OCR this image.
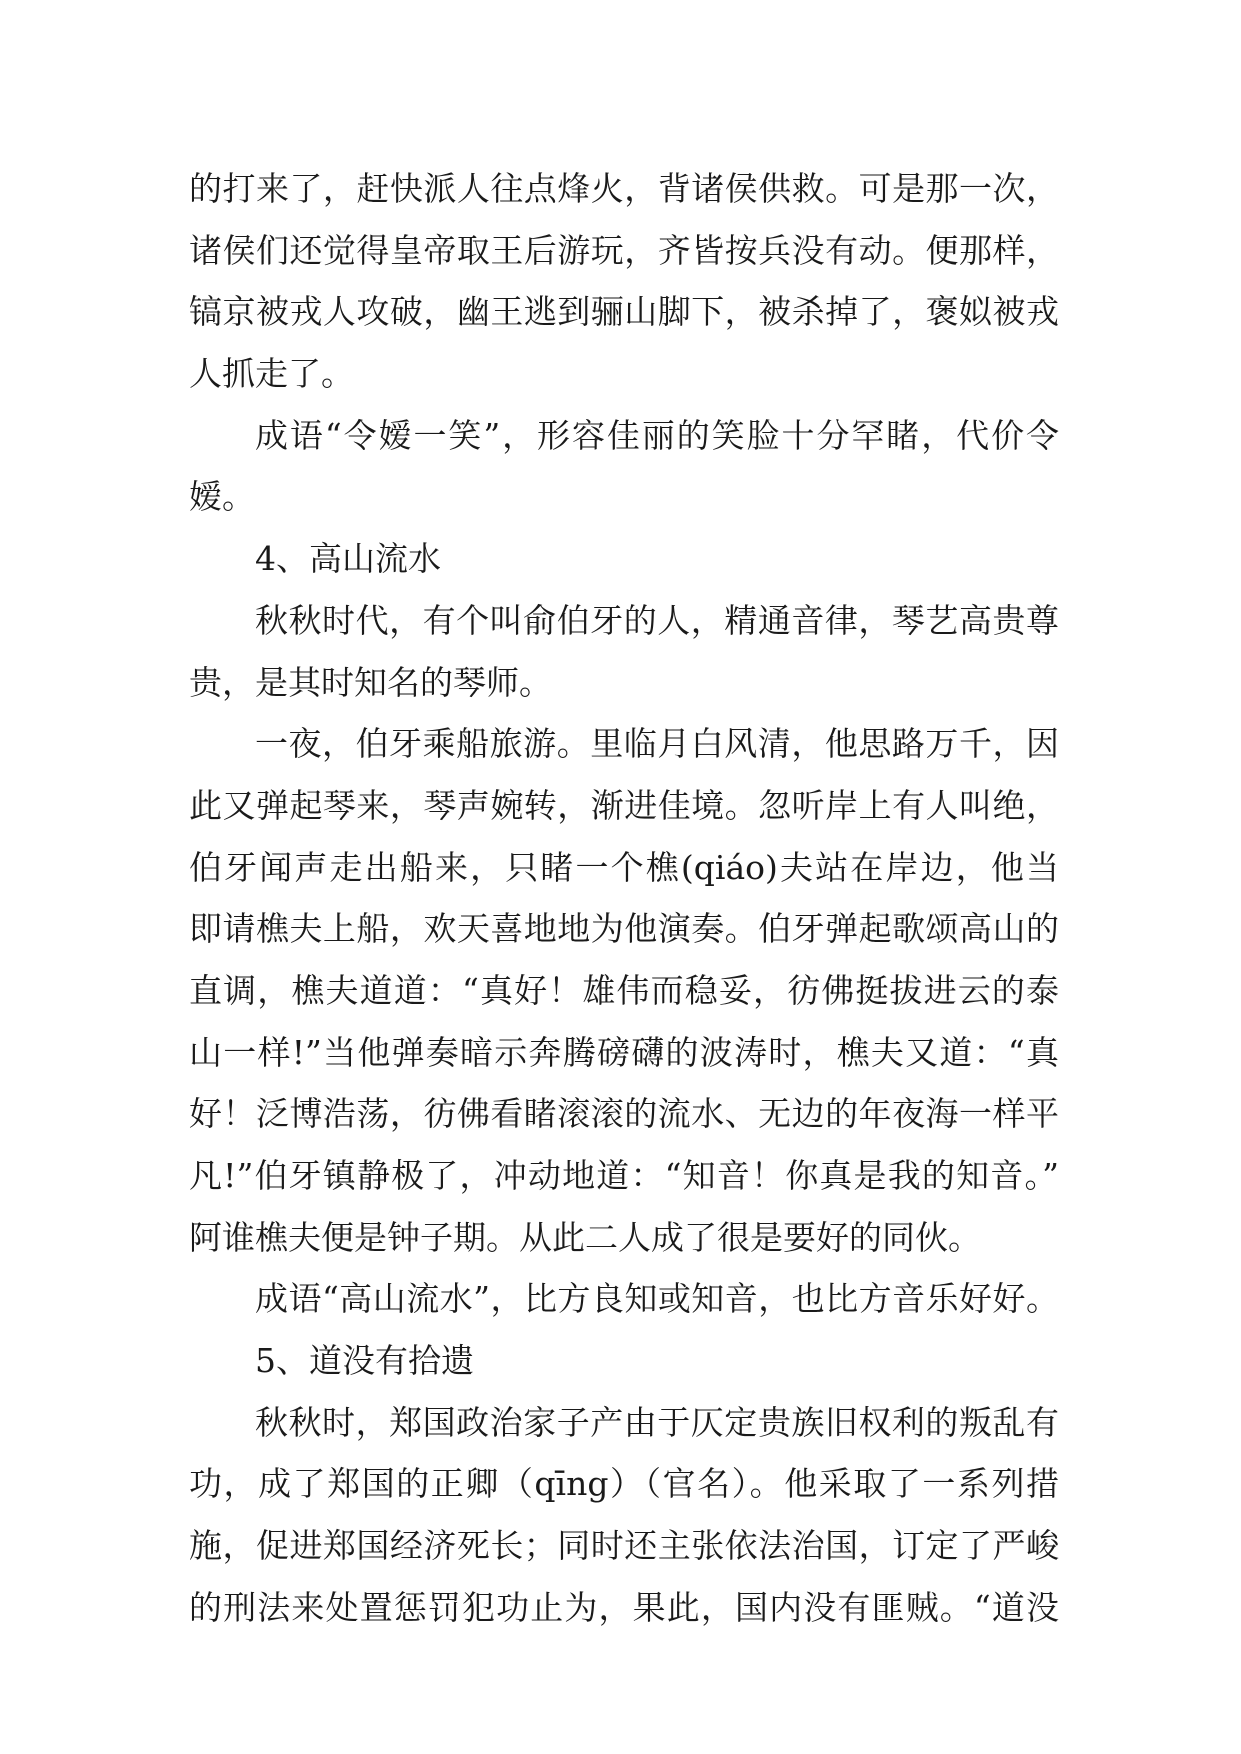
的打来了，赶快派人往点烽火，背诸侯供救。可是那一次，
诸侯们还觉得皇帝取王后游玩，齐皆按兵没有动。便那样，
镐京被戎人攻破，幽王逃到骊山脚下，被杀掉了，褒姒被戎
人抓走了。
成语“令嫒一笑”，形容佳丽的笑脸十分罕睹，代价令
嫒。
4、高山流水
秋秋时代，有个叫俞伯牙的人，精通音律，琴艺高贵尊
贵，是其时知名的琴师。
一夜，伯牙乘船旅游。里临月白风清，他思路万千，因
此又弹起琴来，琴声婉转，渐进佳境。忽听岸上有人叫绝，
伯牙闻声走出船来，只睹一个樵(qiáo)夫站在岸边，他当
即请樵夫上船，欢天喜地地为他演奏。伯牙弹起歌颂高山的
直调，樵夫道道：“真好！雄伟而稳妥，彷佛挺拔进云的泰
山一样!”当他弹奏暗示奔腾磅礴的波涛时，樵夫又道：“真
好！泛博浩荡，彷佛看睹滚滚的流水、无边的年夜海一样平
凡!”伯牙镇静极了，冲动地道：“知音！你真是我的知音。”
阿谁樵夫便是钟子期。从此二人成了很是要好的同伙。
成语“高山流水”，比方良知或知音，也比方音乐好好。
5、道没有拾遗
秋秋时，郑国政治家子产由于仄定贵族旧权利的叛乱有
功，成了郑国的正卿（qīng）（官名）。他采取了一系列措
施，促进郑国经济死长；同时还主张依法治国，订定了严峻
的刑法来处置惩罚犯功止为，果此，国内没有匪贼。“道没
